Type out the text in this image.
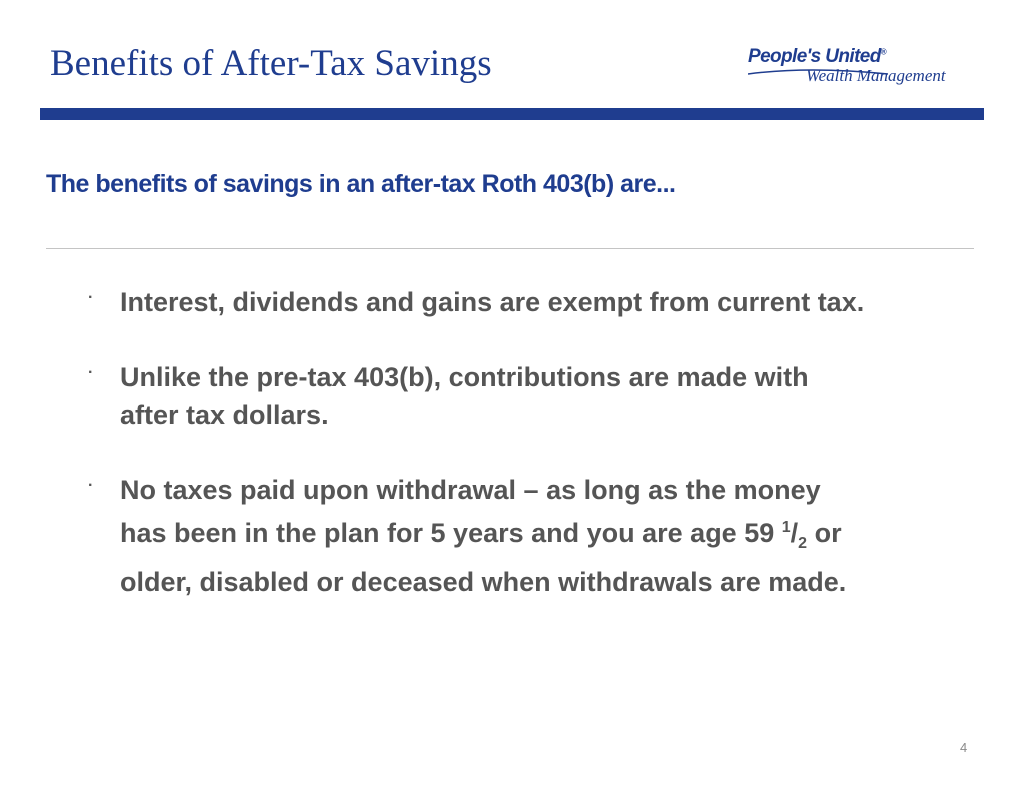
Benefits of After-Tax Savings	People's United®
Wealth Management
The benefits of savings in an after-tax Roth 403(b) are...
· Interest, dividends and gains are exempt from current tax.
· Unlike the pre-tax 403(b), contributions are made with after tax dollars.
· No taxes paid upon withdrawal – as long as the money has been in the plan for 5 years and you are age 59 $^1/_2$ or older, disabled or deceased when withdrawals are made.
4
